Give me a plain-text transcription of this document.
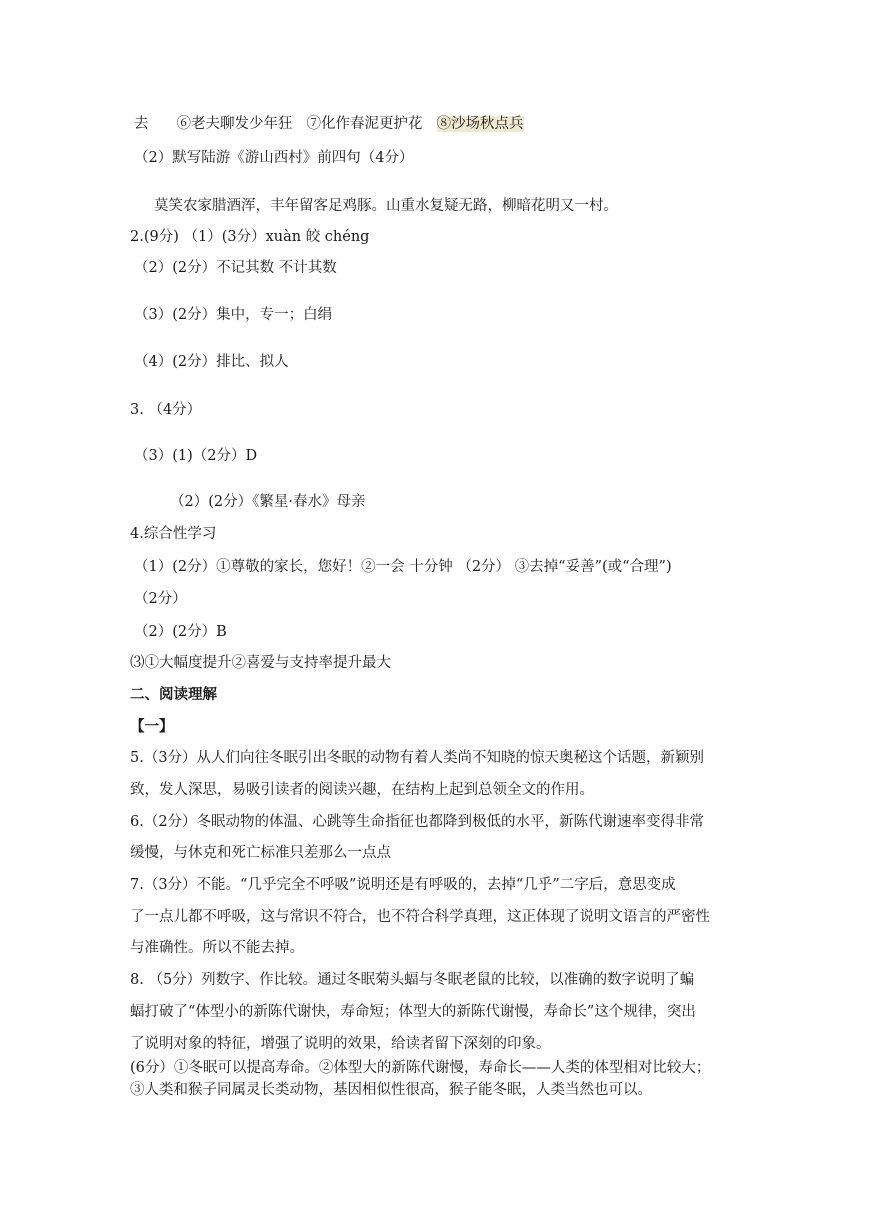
去 ⑥老夫聊发少年狂 ⑦化作春泥更护花 ⑧沙场秋点兵
（2）默写陆游《游山西村》前四句（4分）
莫笑农家腊酒浑，丰年留客足鸡豚。山重水复疑无路，柳暗花明又一村。
2.(9分) （1）(3分）xuàn 皎 chéng
（2）(2分）不记其数 不计其数
（3）(2分）集中，专一；白绢
（4）(2分）排比、拟人
3. （4分）
（3）(1)（2分）D
（2）(2分）《繁星·春水》母亲
4.综合性学习
（1）(2分）①尊敬的家长，您好！②一会 十分钟 （2分） ③去掉“妥善”(或“合理”)
（2分）
（2）(2分）B
⑶①大幅度提升②喜爱与支持率提升最大
二、阅读理解
【一】
5.（3分）从人们向往冬眠引出冬眠的动物有着人类尚不知晓的惊天奥秘这个话题，新颖别
致，发人深思，易吸引读者的阅读兴趣，在结构上起到总领全文的作用。
6.（2分）冬眠动物的体温、心跳等生命指征也都降到极低的水平，新陈代谢速率变得非常
缓慢，与休克和死亡标准只差那么一点点
7.（3分）不能。“几乎完全不呼吸”说明还是有呼吸的，去掉“几乎”二字后，意思变成
了一点儿都不呼吸，这与常识不符合，也不符合科学真理，这正体现了说明文语言的严密性
与准确性。所以不能去掉。
8. （5分）列数字、作比较。通过冬眠菊头蝠与冬眠老鼠的比较，以准确的数字说明了蝙
蝠打破了“体型小的新陈代谢快，寿命短；体型大的新陈代谢慢，寿命长”这个规律，突出
了说明对象的特征，增强了说明的效果，给读者留下深刻的印象。
(6分）①冬眠可以提高寿命。②体型大的新陈代谢慢，寿命长——人类的体型相对比较大；
③人类和猴子同属灵长类动物，基因相似性很高，猴子能冬眠，人类当然也可以。
